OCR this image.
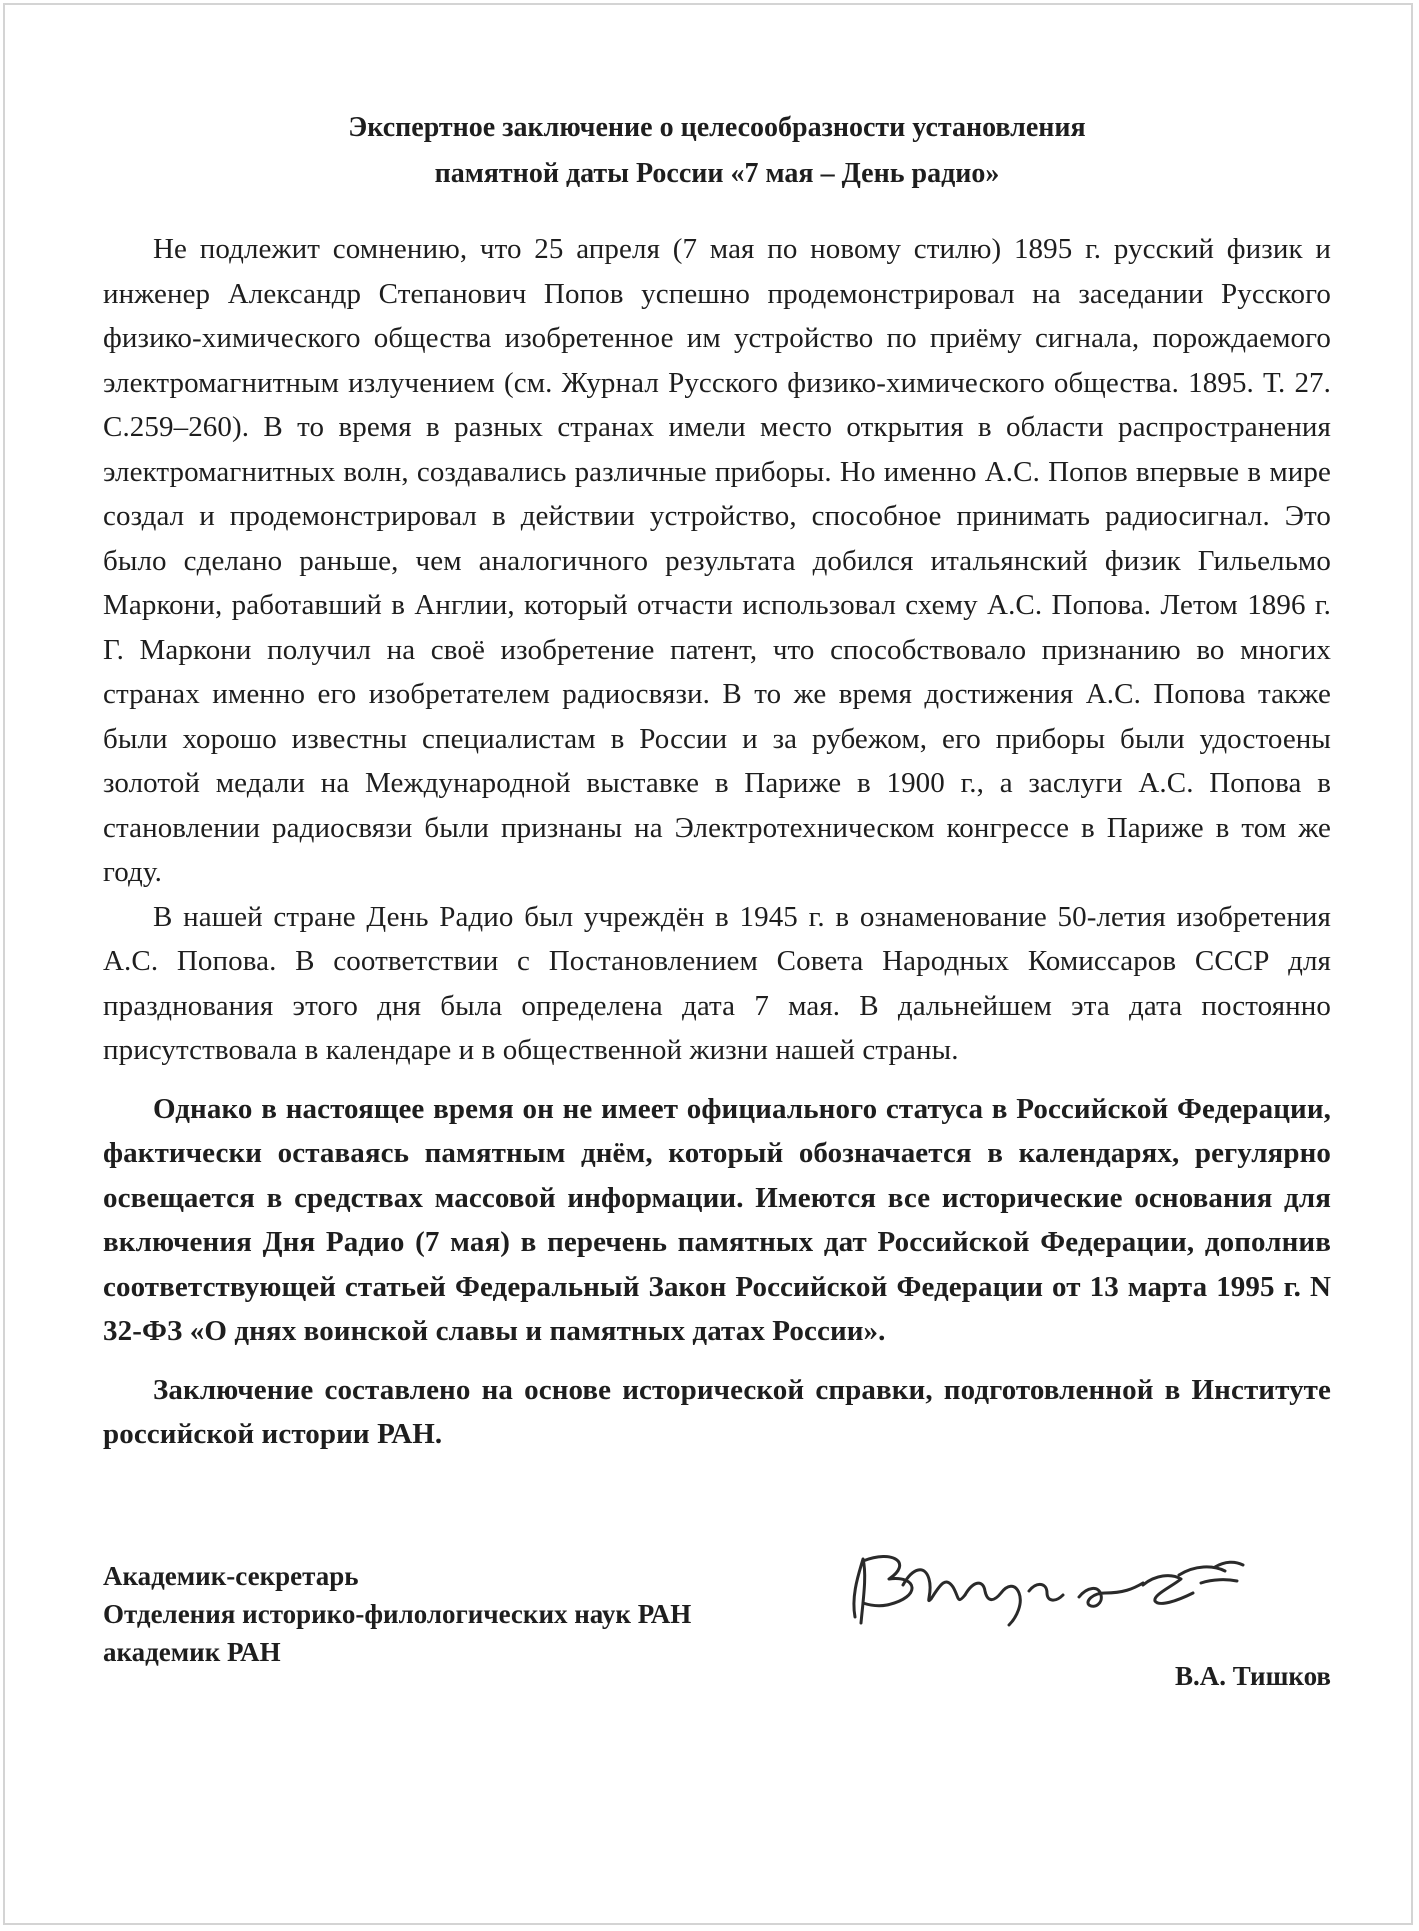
Экспертное заключение о целесообразности установления
памятной даты России «7 мая – День радио»

Не подлежит сомнению, что 25 апреля (7 мая по новому стилю) 1895 г. русский физик и инженер Александр Степанович Попов успешно продемонстрировал на заседании Русского физико-химического общества изобретенное им устройство по приёму сигнала, порождаемого электромагнитным излучением (см. Журнал Русского физико-химического общества. 1895. Т. 27. С.259–260). В то время в разных странах имели место открытия в области распространения электромагнитных волн, создавались различные приборы. Но именно А.С. Попов впервые в мире создал и продемонстрировал в действии устройство, способное принимать радиосигнал. Это было сделано раньше, чем аналогичного результата добился итальянский физик Гильельмо Маркони, работавший в Англии, который отчасти использовал схему А.С. Попова. Летом 1896 г. Г. Маркони получил на своё изобретение патент, что способствовало признанию во многих странах именно его изобретателем радиосвязи. В то же время достижения А.С. Попова также были хорошо известны специалистам в России и за рубежом, его приборы были удостоены золотой медали на Международной выставке в Париже в 1900 г., а заслуги А.С. Попова в становлении радиосвязи были признаны на Электротехническом конгрессе в Париже в том же году.

В нашей стране День Радио был учреждён в 1945 г. в ознаменование 50-летия изобретения А.С. Попова. В соответствии с Постановлением Совета Народных Комиссаров СССР для празднования этого дня была определена дата 7 мая. В дальнейшем эта дата постоянно присутствовала в календаре и в общественной жизни нашей страны.

Однако в настоящее время он не имеет официального статуса в Российской Федерации, фактически оставаясь памятным днём, который обозначается в календарях, регулярно освещается в средствах массовой информации. Имеются все исторические основания для включения Дня Радио (7 мая) в перечень памятных дат Российской Федерации, дополнив соответствующей статьей Федеральный Закон Российской Федерации от 13 марта 1995 г. N 32-ФЗ «О днях воинской славы и памятных датах России».

Заключение составлено на основе исторической справки, подготовленной в Институте российской истории РАН.

Академик-секретарь
Отделения историко-филологических наук РАН
академик РАН
В.А. Тишков
